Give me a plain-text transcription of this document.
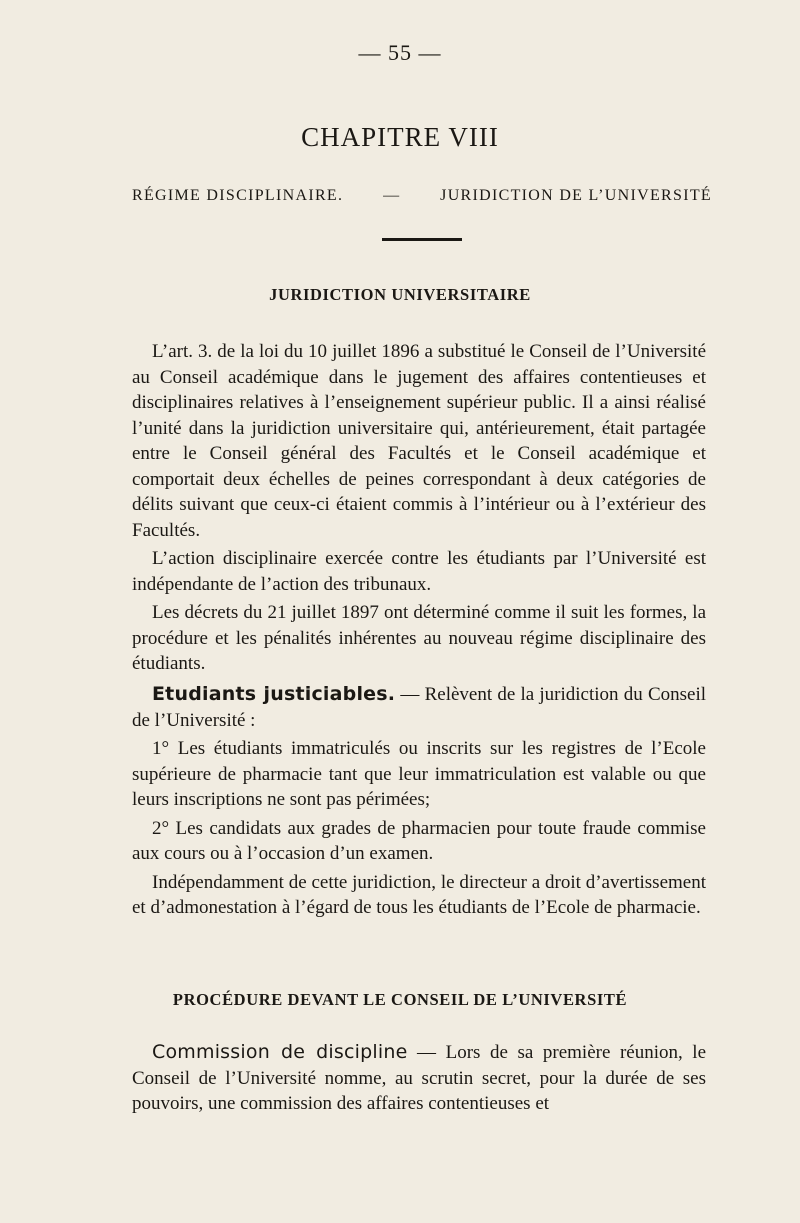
— 55 —
CHAPITRE VIII
RÉGIME DISCIPLINAIRE. — JURIDICTION DE L’UNIVERSITÉ
JURIDICTION UNIVERSITAIRE

L’art. 3. de la loi du 10 juillet 1896 a substitué le Conseil de l’Université au Conseil académique dans le jugement des affaires contentieuses et disciplinaires relatives à l’enseignement supérieur public. Il a ainsi réalisé l’unité dans la juridiction universitaire qui, antérieurement, était partagée entre le Conseil général des Facultés et le Conseil académique et comportait deux échelles de peines correspondant à deux catégories de délits suivant que ceux-ci étaient commis à l’intérieur ou à l’extérieur des Facultés.

L’action disciplinaire exercée contre les étudiants par l’Université est indépendante de l’action des tribunaux.

Les décrets du 21 juillet 1897 ont déterminé comme il suit les formes, la procédure et les pénalités inhérentes au nouveau régime disciplinaire des étudiants.

Etudiants justiciables. — Relèvent de la juridiction du Conseil de l’Université :

1° Les étudiants immatriculés ou inscrits sur les registres de l’Ecole supérieure de pharmacie tant que leur immatriculation est valable ou que leurs inscriptions ne sont pas périmées;

2° Les candidats aux grades de pharmacien pour toute fraude commise aux cours ou à l’occasion d’un examen.

Indépendamment de cette juridiction, le directeur a droit d’avertissement et d’admonestation à l’égard de tous les étudiants de l’Ecole de pharmacie.

PROCÉDURE DEVANT LE CONSEIL DE L’UNIVERSITÉ

Commission de discipline — Lors de sa première réunion, le Conseil de l’Université nomme, au scrutin secret, pour la durée de ses pouvoirs, une commission des affaires contentieuses et
